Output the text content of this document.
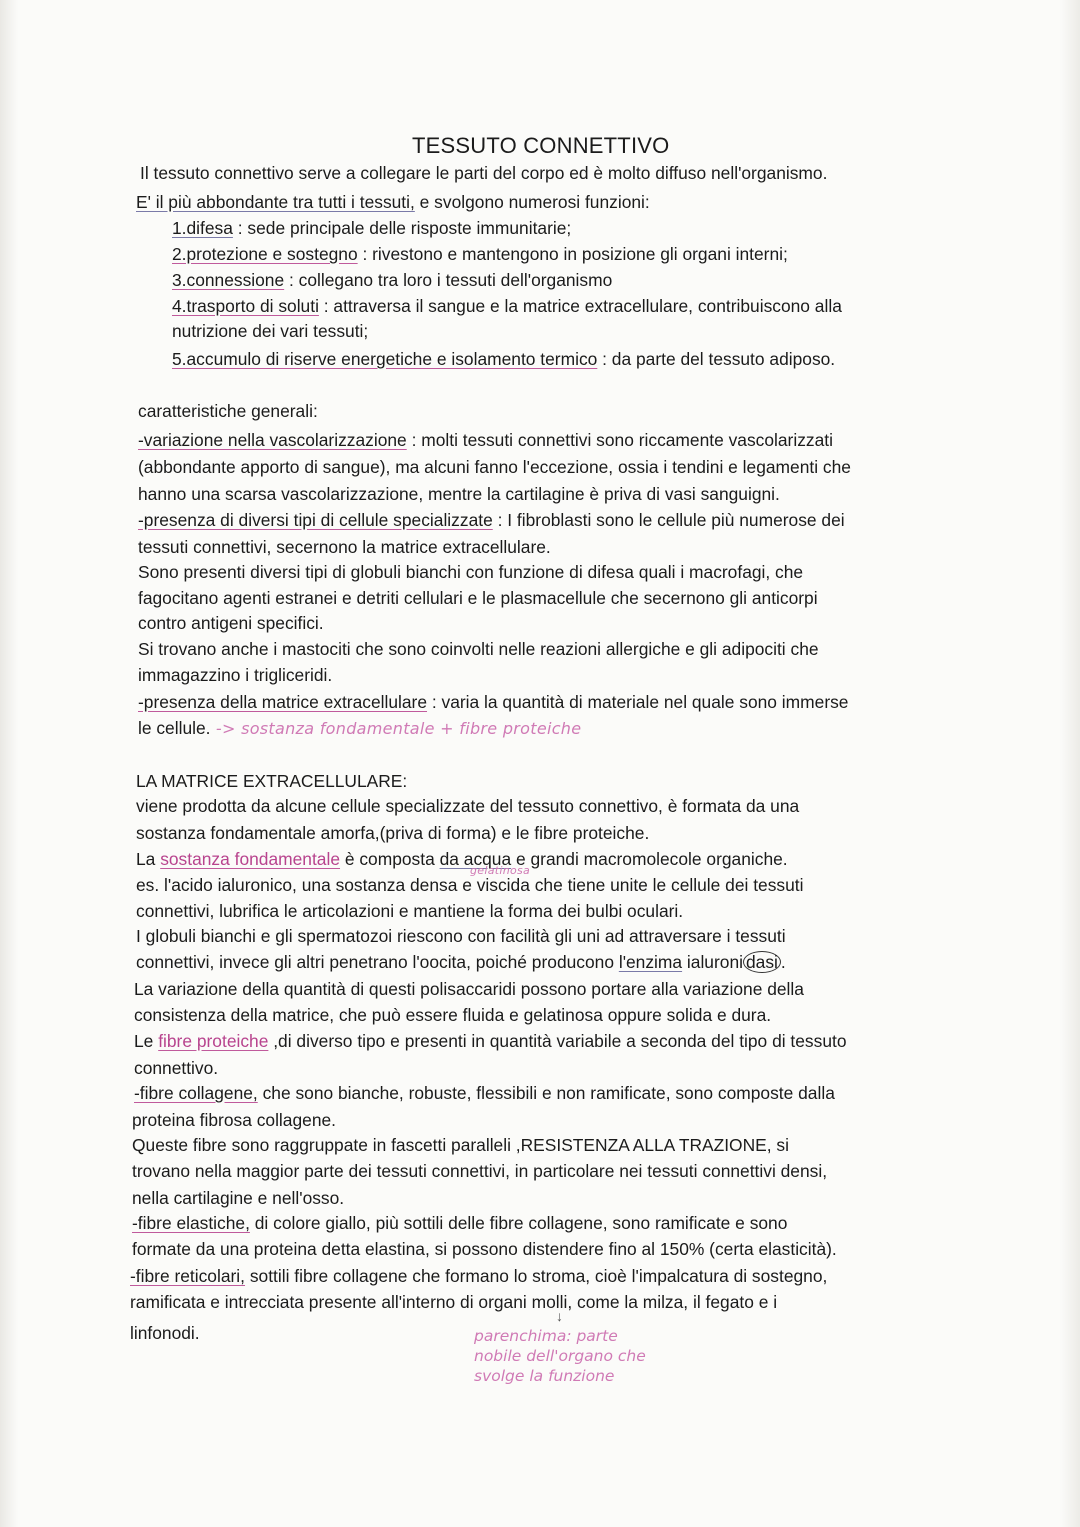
TESSUTO CONNETTIVO
Il tessuto connettivo serve a collegare le parti del corpo ed è molto diffuso nell'organismo.
E' il più abbondante tra tutti i tessuti, e svolgono numerosi funzioni:
1.difesa : sede principale delle risposte immunitarie;
2.protezione e sostegno : rivestono e mantengono in posizione gli organi interni;
3.connessione : collegano tra loro i tessuti dell'organismo
4.trasporto di soluti : attraversa il sangue e la matrice extracellulare, contribuiscono alla
nutrizione dei vari tessuti;
5.accumulo di riserve energetiche e isolamento termico : da parte del tessuto adiposo.
caratteristiche generali:
-variazione nella vascolarizzazione : molti tessuti connettivi sono riccamente vascolarizzati
(abbondante apporto di sangue), ma alcuni fanno l'eccezione, ossia i tendini e legamenti che
hanno una scarsa vascolarizzazione, mentre la cartilagine è priva di vasi sanguigni.
-presenza di diversi tipi di cellule specializzate : I fibroblasti sono le cellule più numerose dei
tessuti connettivi, secernono la matrice extracellulare.
Sono presenti diversi tipi di globuli bianchi con funzione di difesa quali i macrofagi, che
fagocitano agenti estranei e detriti cellulari e le plasmacellule che secernono gli anticorpi
contro antigeni specifici.
Si trovano anche i mastociti che sono coinvolti nelle reazioni allergiche e gli adipociti che
immagazzino i trigliceridi.
-presenza della matrice extracellulare : varia la quantità di materiale nel quale sono immerse
le cellule. -> sostanza fondamentale + fibre proteiche
LA MATRICE EXTRACELLULARE:
viene prodotta da alcune cellule specializzate del tessuto connettivo, è formata da una
sostanza fondamentale amorfa,(priva di forma) e le fibre proteiche.
La sostanza fondamentale è composta da acqua e grandi macromolecole organiche.
gelatinosa
es. l'acido ialuronico, una sostanza densa e viscida che tiene unite le cellule dei tessuti
connettivi, lubrifica le articolazioni e mantiene la forma dei bulbi oculari.
I globuli bianchi e gli spermatozoi riescono con facilità gli uni ad attraversare i tessuti
connettivi, invece gli altri penetrano l'oocita, poiché producono l'enzima ialuroni dasi .
La variazione della quantità di questi polisaccaridi possono portare alla variazione della
consistenza della matrice, che può essere fluida e gelatinosa oppure solida e dura.
Le fibre proteiche ,di diverso tipo e presenti in quantità variabile a seconda del tipo di tessuto
connettivo.
-fibre collagene, che sono bianche, robuste, flessibili e non ramificate, sono composte dalla
proteina fibrosa collagene.
Queste fibre sono raggruppate in fascetti paralleli ,RESISTENZA ALLA TRAZIONE, si
trovano nella maggior parte dei tessuti connettivi, in particolare nei tessuti connettivi densi,
nella cartilagine e nell'osso.
-fibre elastiche, di colore giallo, più sottili delle fibre collagene, sono ramificate e sono
formate da una proteina detta elastina, si possono distendere fino al 150% (certa elasticità).
-fibre reticolari, sottili fibre collagene che formano lo stroma, cioè l'impalcatura di sostegno,
ramificata e intrecciata presente all'interno di organi molli, come la milza, il fegato e i
linfonodi.
↓
parenchima: parte
nobile dell'organo che
svolge la funzione
